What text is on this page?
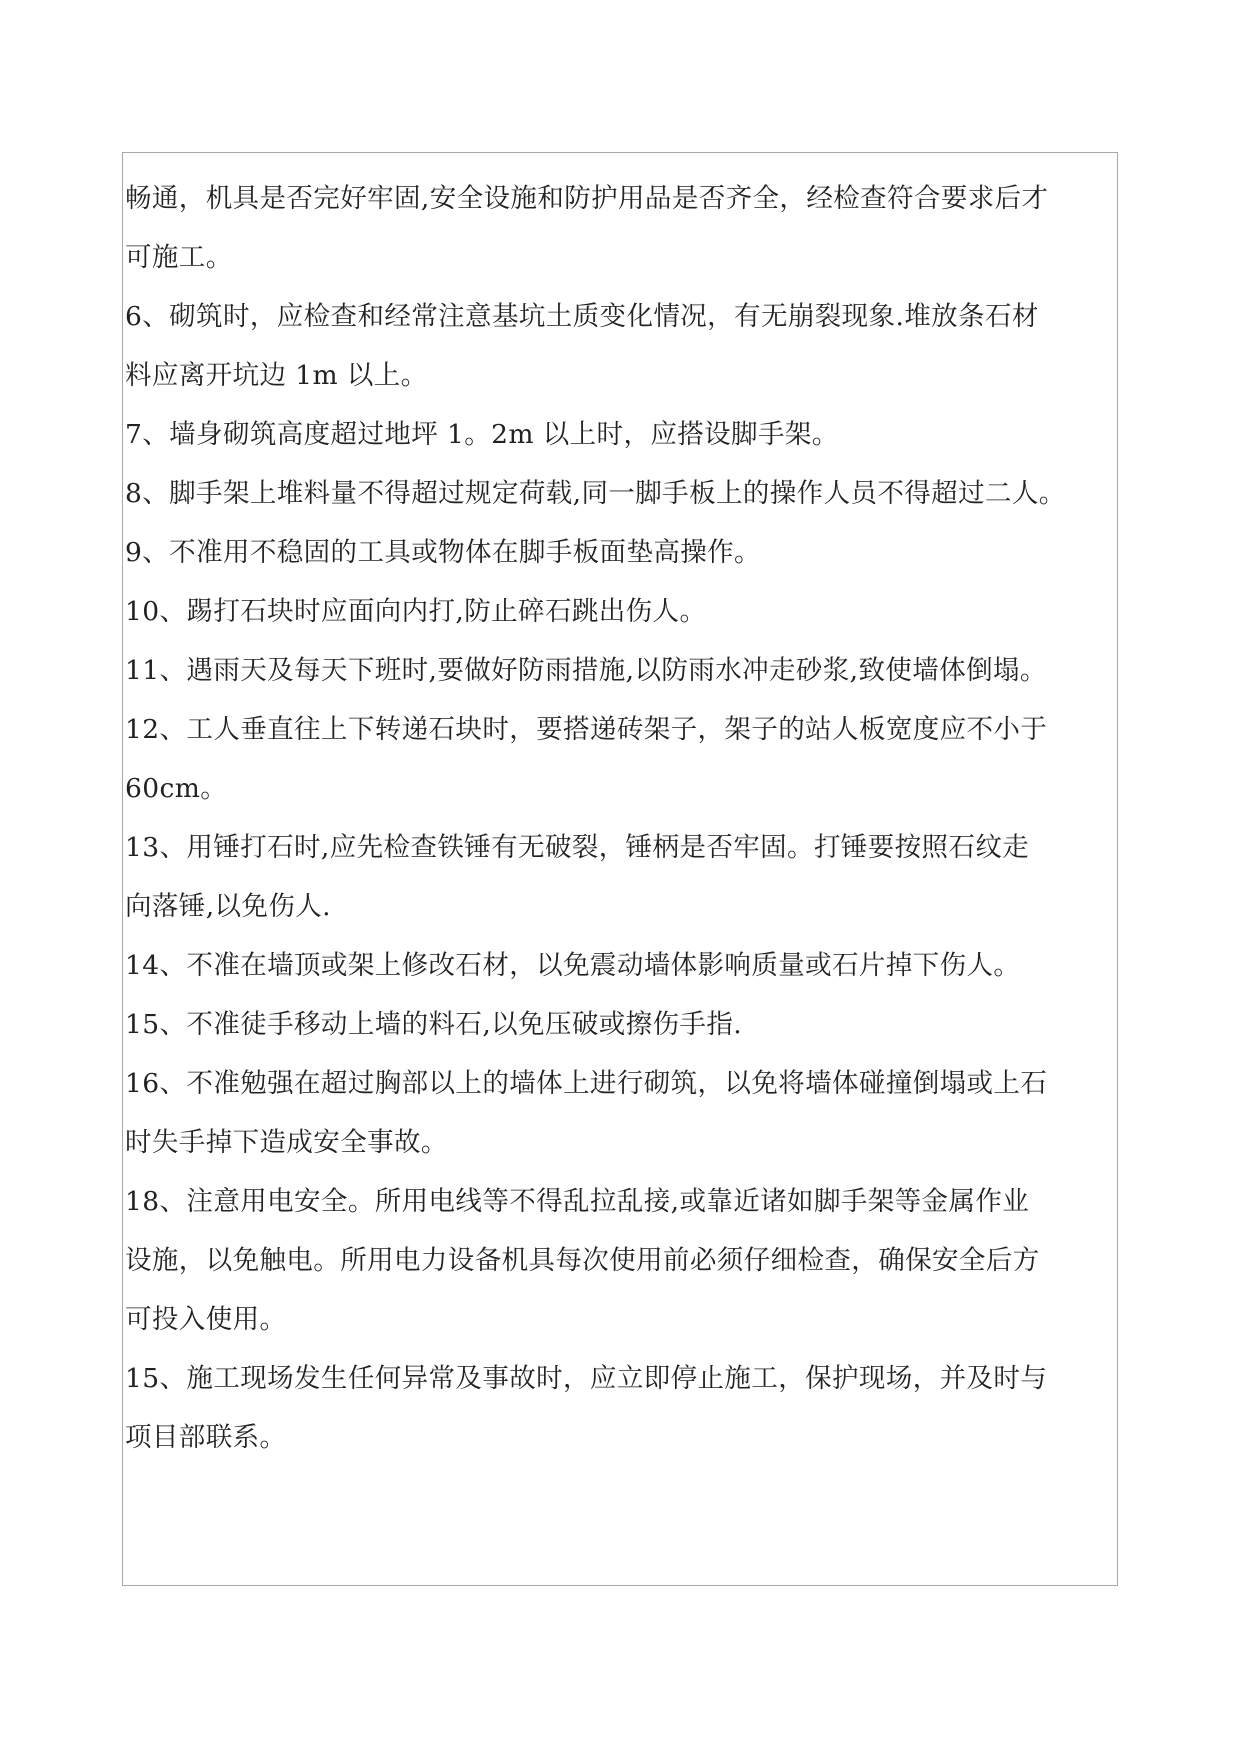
畅通，机具是否完好牢固,安全设施和防护用品是否齐全，经检查符合要求后才
可施工。
6、砌筑时，应检查和经常注意基坑土质变化情况，有无崩裂现象.堆放条石材
料应离开坑边 1m 以上。
7、墙身砌筑高度超过地坪 1。2m 以上时，应搭设脚手架。
8、脚手架上堆料量不得超过规定荷载,同一脚手板上的操作人员不得超过二人。
9、不准用不稳固的工具或物体在脚手板面垫高操作。
10、踢打石块时应面向内打,防止碎石跳出伤人。
11、遇雨天及每天下班时,要做好防雨措施,以防雨水冲走砂浆,致使墙体倒塌。
12、工人垂直往上下转递石块时，要搭递砖架子，架子的站人板宽度应不小于
60cm。
13、用锤打石时,应先检查铁锤有无破裂，锤柄是否牢固。打锤要按照石纹走
向落锤,以免伤人.
14、不准在墙顶或架上修改石材，以免震动墙体影响质量或石片掉下伤人。
15、不准徒手移动上墙的料石,以免压破或擦伤手指.
16、不准勉强在超过胸部以上的墙体上进行砌筑，以免将墙体碰撞倒塌或上石
时失手掉下造成安全事故。
18、注意用电安全。所用电线等不得乱拉乱接,或靠近诸如脚手架等金属作业
设施，以免触电。所用电力设备机具每次使用前必须仔细检查，确保安全后方
可投入使用。
15、施工现场发生任何异常及事故时，应立即停止施工，保护现场，并及时与
项目部联系。
